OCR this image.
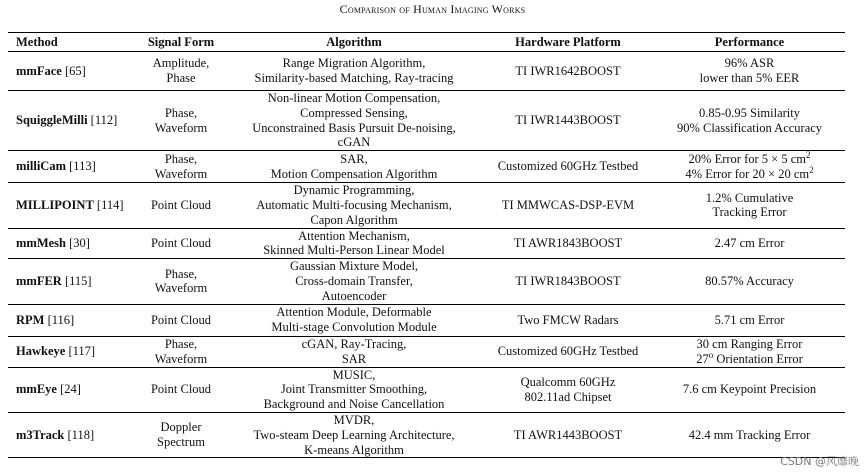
Comparison of Human Imaging Works
Method	Signal Form	Algorithm	Hardware Platform	Performance
mmFace [65]	Amplitude,
Phase	Range Migration Algorithm,
Similarity-based Matching, Ray-tracing	TI IWR1642BOOST	96% ASR
lower than 5% EER

SquiggleMilli [112]	Phase,
Waveform	Non-linear Motion Compensation,
Compressed Sensing,
Unconstrained Basis Pursuit De-noising,
cGAN	TI IWR1443BOOST	0.85-0.95 Similarity
90% Classification Accuracy

milliCam [113]	Phase,
Waveform	SAR,
Motion Compensation Algorithm	Customized 60GHz Testbed	20% Error for 5 × 5 $cm^2$
4% Error for 20 × 20 $cm^2$

MILLIPOINT [114]	Point Cloud	Dynamic Programming,
Automatic Multi-focusing Mechanism,
Capon Algorithm	TI MMWCAS-DSP-EVM	1.2% Cumulative
Tracking Error

mmMesh [30]	Point Cloud	Attention Mechanism,
Skinned Multi-Person Linear Model	TI AWR1843BOOST	2.47 cm Error

mmFER [115]	Phase,
Waveform	Gaussian Mixture Model,
Cross-domain Transfer,
Autoencoder	TI IWR1843BOOST	80.57% Accuracy

RPM [116]	Point Cloud	Attention Module, Deformable
Multi-stage Convolution Module	Two FMCW Radars	5.71 cm Error

Hawkeye [117]	Phase,
Waveform	cGAN, Ray-Tracing,
SAR	Customized 60GHz Testbed	30 cm Ranging Error
27$^o$ Orientation Error

mmEye [24]	Point Cloud	MUSIC,
Joint Transmitter Smoothing,
Background and Noise Cancellation	Qualcomm 60GHz
802.11ad Chipset	7.6 cm Keypoint Precision

m3Track [118]	Doppler
Spectrum	MVDR,
Two-steam Deep Learning Architecture,
K-means Algorithm	TI AWR1443BOOST	42.4 mm Tracking Error
CSDN @风靡晚
